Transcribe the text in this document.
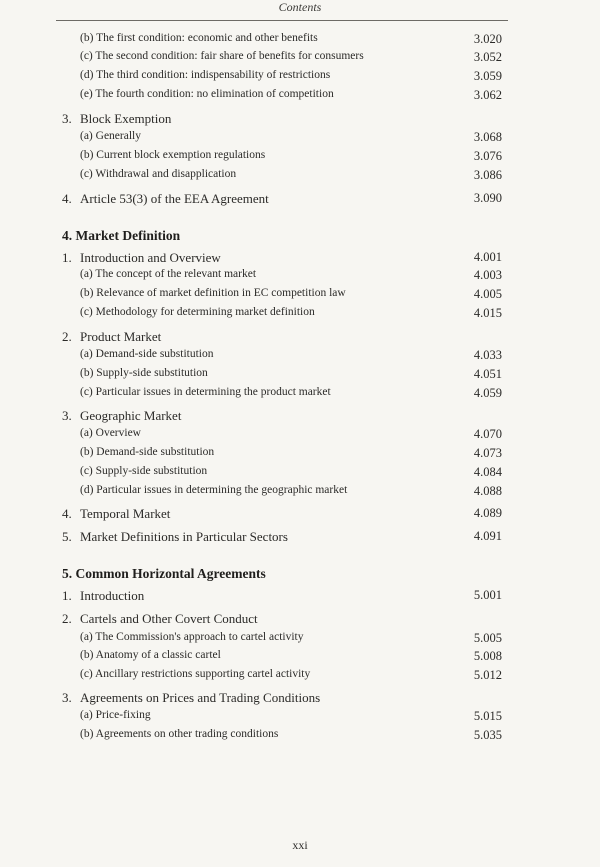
Contents
(b) The first condition: economic and other benefits	3.020
(c) The second condition: fair share of benefits for consumers	3.052
(d) The third condition: indispensability of restrictions	3.059
(e) The fourth condition: no elimination of competition	3.062
3. Block Exemption
(a) Generally	3.068
(b) Current block exemption regulations	3.076
(c) Withdrawal and disapplication	3.086
4. Article 53(3) of the EEA Agreement	3.090
4. Market Definition
1. Introduction and Overview	4.001
(a) The concept of the relevant market	4.003
(b) Relevance of market definition in EC competition law	4.005
(c) Methodology for determining market definition	4.015
2. Product Market
(a) Demand-side substitution	4.033
(b) Supply-side substitution	4.051
(c) Particular issues in determining the product market	4.059
3. Geographic Market
(a) Overview	4.070
(b) Demand-side substitution	4.073
(c) Supply-side substitution	4.084
(d) Particular issues in determining the geographic market	4.088
4. Temporal Market	4.089
5. Market Definitions in Particular Sectors	4.091
5. Common Horizontal Agreements
1. Introduction	5.001
2. Cartels and Other Covert Conduct
(a) The Commission's approach to cartel activity	5.005
(b) Anatomy of a classic cartel	5.008
(c) Ancillary restrictions supporting cartel activity	5.012
3. Agreements on Prices and Trading Conditions
(a) Price-fixing	5.015
(b) Agreements on other trading conditions	5.035
xxi
